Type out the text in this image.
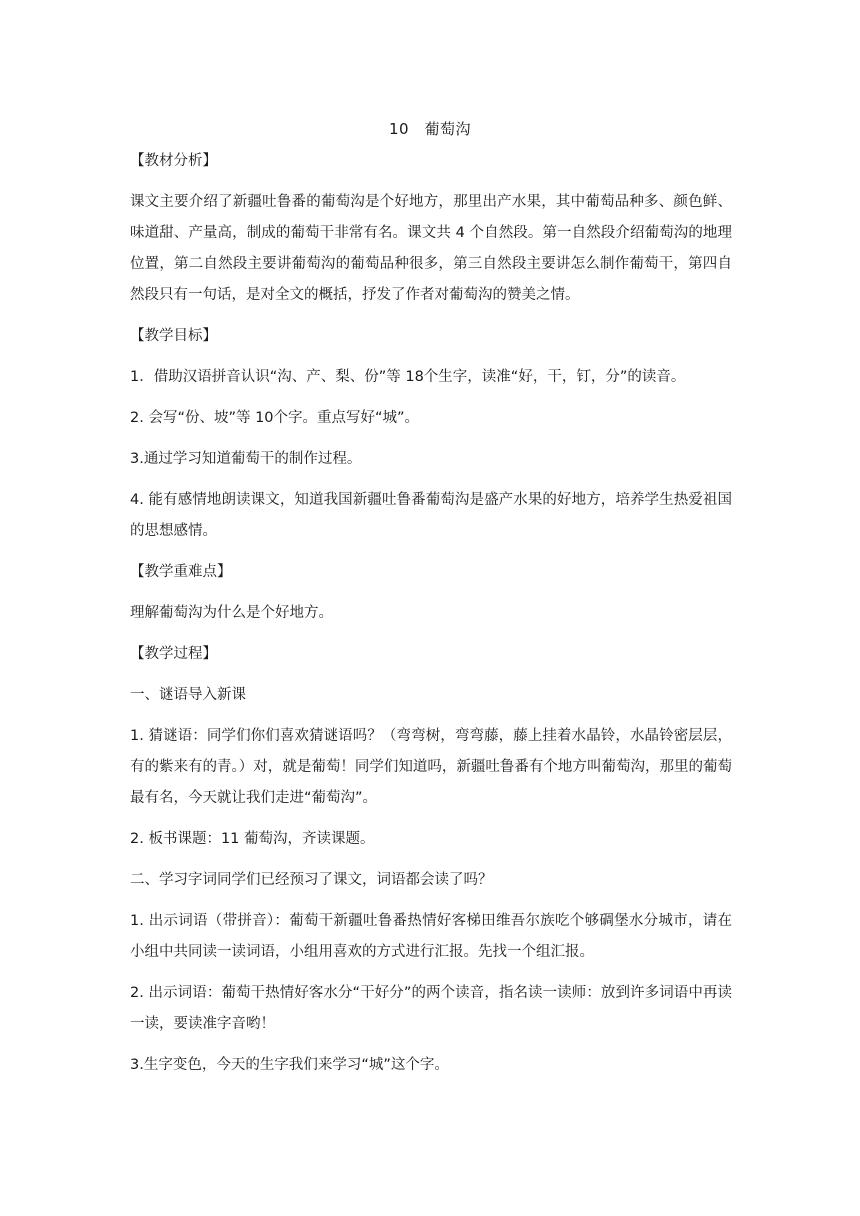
10　葡萄沟

【教材分析】

课文主要介绍了新疆吐鲁番的葡萄沟是个好地方，那里出产水果，其中葡萄品种多、颜色鲜、味道甜、产量高，制成的葡萄干非常有名。课文共 4 个自然段。第一自然段介绍葡萄沟的地理位置，第二自然段主要讲葡萄沟的葡萄品种很多，第三自然段主要讲怎么制作葡萄干，第四自然段只有一句话，是对全文的概括，抒发了作者对葡萄沟的赞美之情。

【教学目标】

1．借助汉语拼音认识“沟、产、梨、份”等 18个生字，读准“好，干，钉，分”的读音。

2. 会写“份、坡”等 10个字。重点写好“城”。

3.通过学习知道葡萄干的制作过程。

4. 能有感情地朗读课文，知道我国新疆吐鲁番葡萄沟是盛产水果的好地方，培养学生热爱祖国的思想感情。

【教学重难点】

理解葡萄沟为什么是个好地方。

【教学过程】

一、谜语导入新课

1. 猜谜语：同学们你们喜欢猜谜语吗？（弯弯树，弯弯藤，藤上挂着水晶铃，水晶铃密层层，有的紫来有的青。）对，就是葡萄！同学们知道吗，新疆吐鲁番有个地方叫葡萄沟，那里的葡萄最有名，今天就让我们走进“葡萄沟”。

2. 板书课题：11 葡萄沟，齐读课题。

二、学习字词同学们已经预习了课文，词语都会读了吗？

1. 出示词语（带拼音）：葡萄干新疆吐鲁番热情好客梯田维吾尔族吃个够碉堡水分城市，请在小组中共同读一读词语，小组用喜欢的方式进行汇报。先找一个组汇报。

2. 出示词语：葡萄干热情好客水分“干好分”的两个读音，指名读一读师：放到许多词语中再读一读，要读准字音哟！

3.生字变色，今天的生字我们来学习“城”这个字。
